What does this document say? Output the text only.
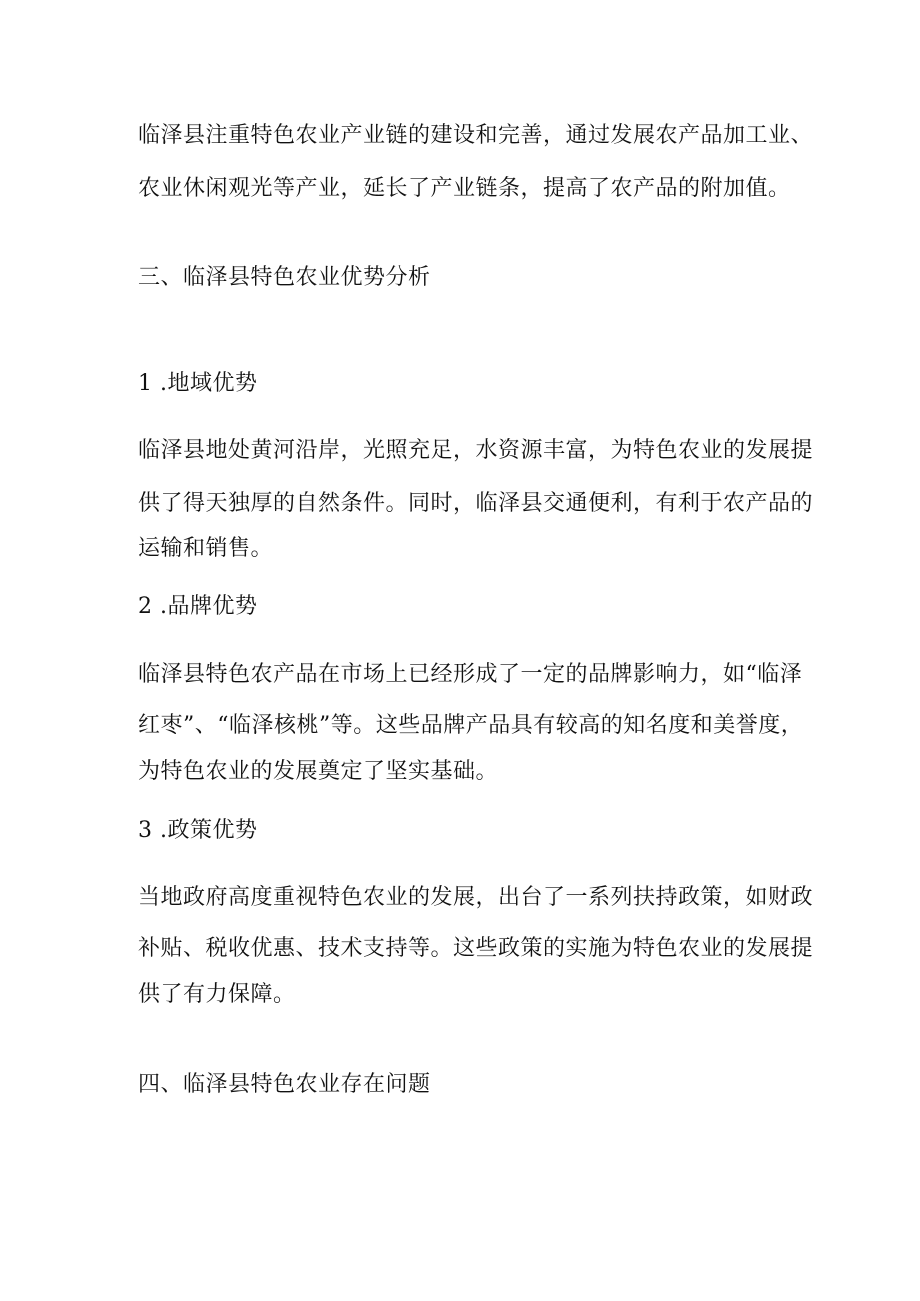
临泽县注重特色农业产业链的建设和完善，通过发展农产品加工业、
农业休闲观光等产业，延长了产业链条，提高了农产品的附加值。
三、临泽县特色农业优势分析
1 .地域优势
临泽县地处黄河沿岸，光照充足，水资源丰富，为特色农业的发展提
供了得天独厚的自然条件。同时，临泽县交通便利，有利于农产品的
运输和销售。
2 .品牌优势
临泽县特色农产品在市场上已经形成了一定的品牌影响力，如“临泽
红枣”、“临泽核桃”等。这些品牌产品具有较高的知名度和美誉度，
为特色农业的发展奠定了坚实基础。
3 .政策优势
当地政府高度重视特色农业的发展，出台了一系列扶持政策，如财政
补贴、税收优惠、技术支持等。这些政策的实施为特色农业的发展提
供了有力保障。
四、临泽县特色农业存在问题
